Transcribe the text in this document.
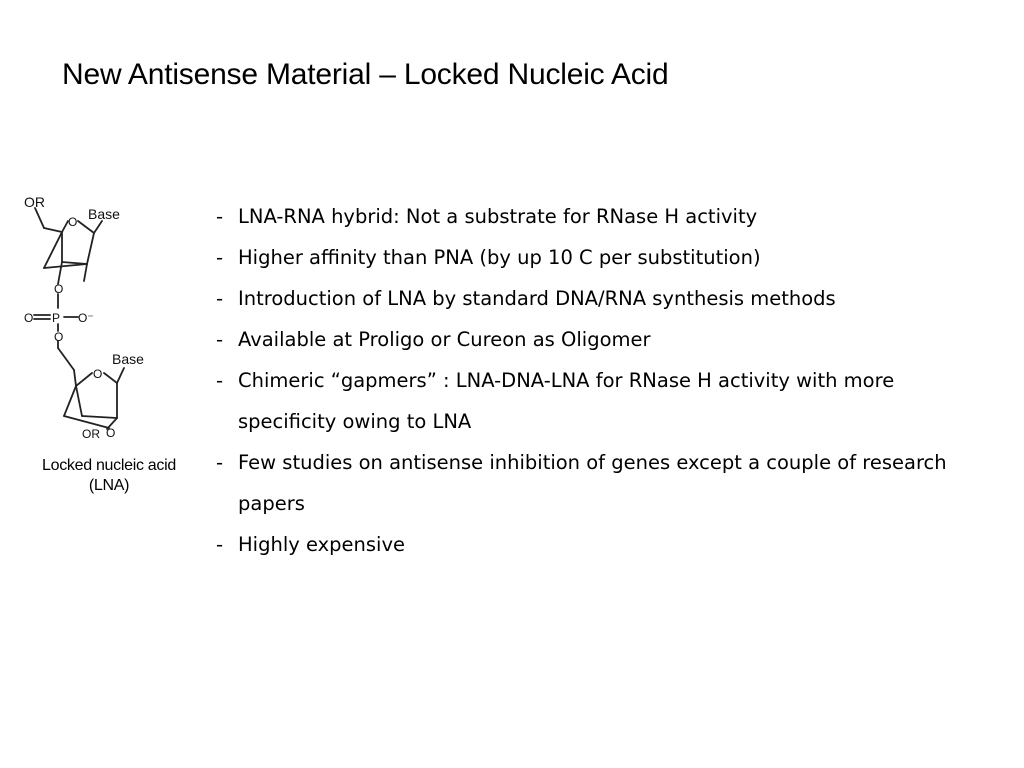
New Antisense Material – Locked Nucleic Acid
OR
Base
O
O
O P O⁻
O
Base
O
OR O
Locked nucleic acid
(LNA)
- LNA-RNA hybrid: Not a substrate for RNase H activity
- Higher affinity than PNA (by up 10 C per substitution)
- Introduction of LNA by standard DNA/RNA synthesis methods
- Available at Proligo or Cureon as Oligomer
- Chimeric “gapmers” : LNA-DNA-LNA for RNase H activity with more specificity owing to LNA
- Few studies on antisense inhibition of genes except a couple of research papers
- Highly expensive
